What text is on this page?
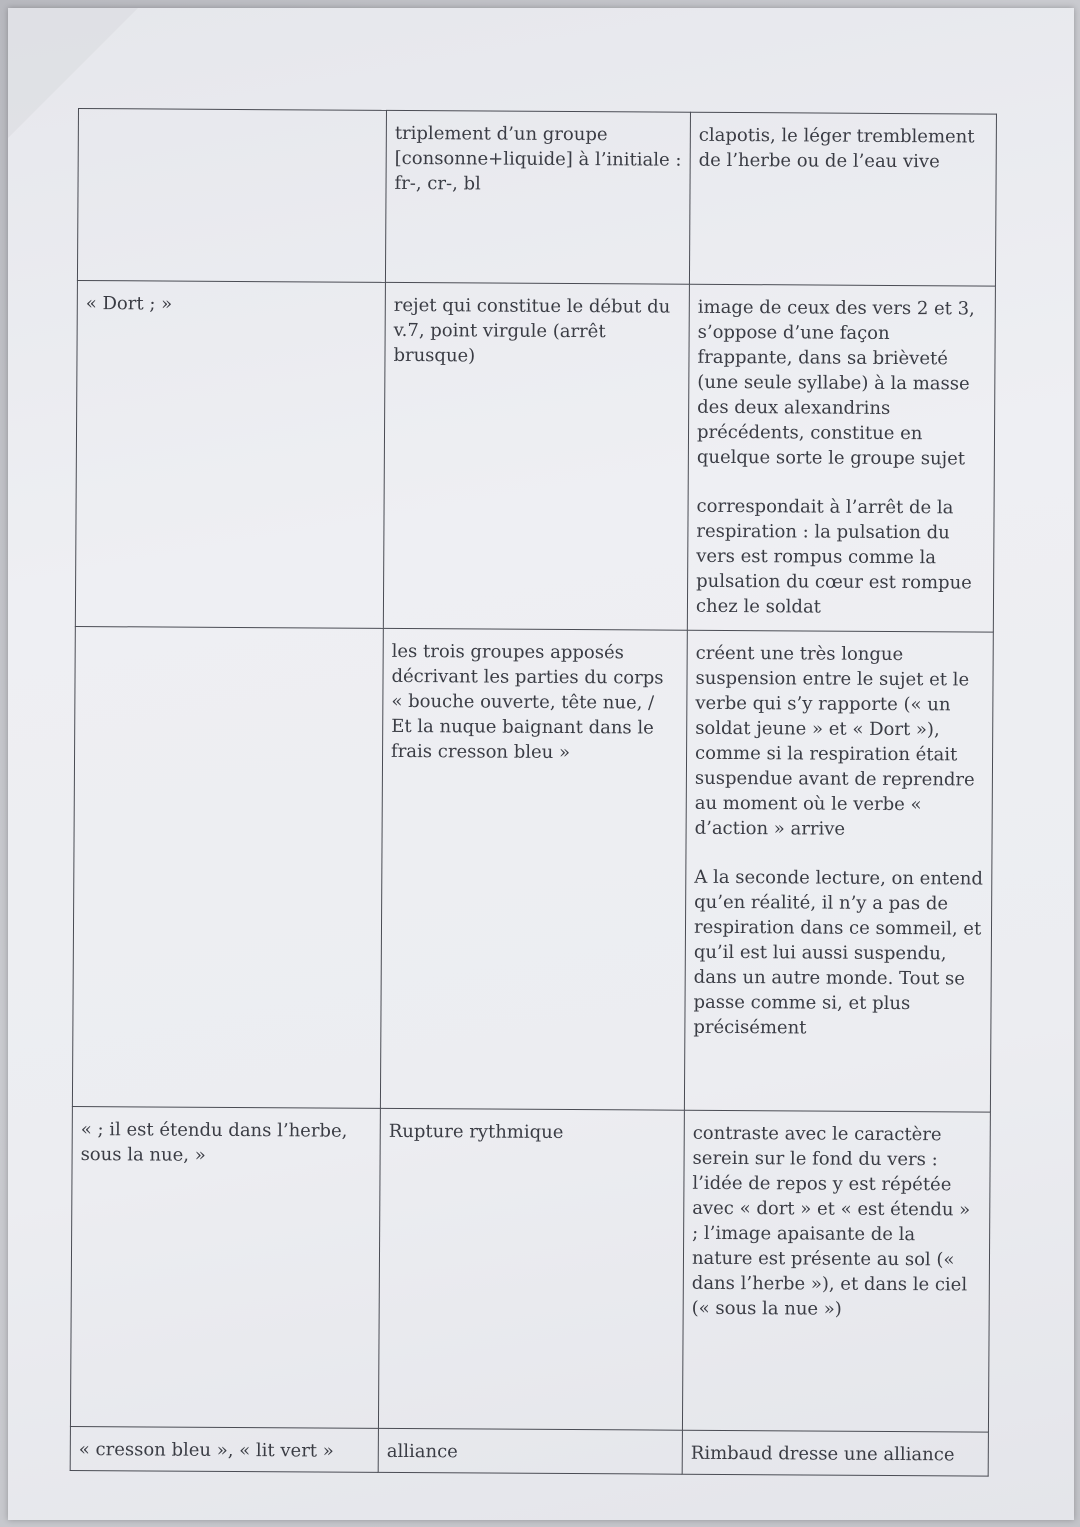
	triplement d’un groupe [consonne+liquide] à l’initiale : fr-, cr-, bl	clapotis, le léger tremblement de l’herbe ou de l’eau vive

« Dort ; »	rejet qui constitue le début du v.7, point virgule (arrêt brusque)	image de ceux des vers 2 et 3, s’oppose d’une façon frappante, dans sa brièveté (une seule syllabe) à la masse des deux alexandrins précédents, constitue en quelque sorte le groupe sujet
correspondait à l’arrêt de la respiration : la pulsation du vers est rompus comme la pulsation du cœur est rompue chez le soldat

	les trois groupes apposés décrivant les parties du corps « bouche ouverte, tête nue, / Et la nuque baignant dans le frais cresson bleu »	créent une très longue suspension entre le sujet et le verbe qui s’y rapporte (« un soldat jeune » et « Dort »), comme si la respiration était suspendue avant de reprendre au moment où le verbe « d’action » arrive
A la seconde lecture, on entend qu’en réalité, il n’y a pas de respiration dans ce sommeil, et qu’il est lui aussi suspendu, dans un autre monde. Tout se passe comme si, et plus précisément

« ; il est étendu dans l’herbe, sous la nue, »	Rupture rythmique	contraste avec le caractère serein sur le fond du vers : l’idée de repos y est répétée avec « dort » et « est étendu » ; l’image apaisante de la nature est présente au sol (« dans l’herbe »), et dans le ciel (« sous la nue »)

« cresson bleu », « lit vert »	alliance	Rimbaud dresse une alliance
